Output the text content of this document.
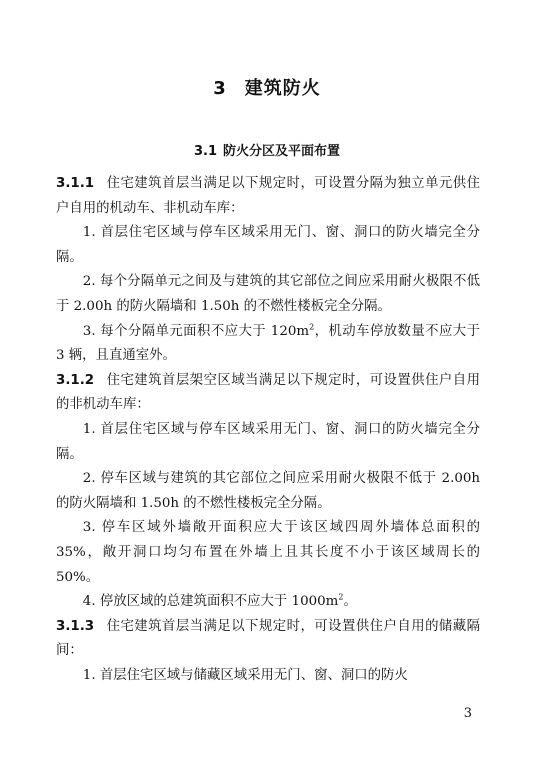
3 建筑防火
3.1 防火分区及平面布置

3.1.1 住宅建筑首层当满足以下规定时，可设置分隔为独立单元供住户自用的机动车、非机动车库：

1. 首层住宅区域与停车区域采用无门、窗、洞口的防火墙完全分隔。

2. 每个分隔单元之间及与建筑的其它部位之间应采用耐火极限不低于 2.00h 的防火隔墙和 1.50h 的不燃性楼板完全分隔。

3. 每个分隔单元面积不应大于 $120m^2$，机动车停放数量不应大于 3 辆，且直通室外。

3.1.2 住宅建筑首层架空区域当满足以下规定时，可设置供住户自用的非机动车库：

1. 首层住宅区域与停车区域采用无门、窗、洞口的防火墙完全分隔。

2. 停车区域与建筑的其它部位之间应采用耐火极限不低于 2.00h 的防火隔墙和 1.50h 的不燃性楼板完全分隔。

3. 停车区域外墙敞开面积应大于该区域四周外墙体总面积的 35%，敞开洞口均匀布置在外墙上且其长度不小于该区域周长的 50%。

4. 停放区域的总建筑面积不应大于 $1000m^2$。

3.1.3 住宅建筑首层当满足以下规定时，可设置供住户自用的储藏隔间：

1. 首层住宅区域与储藏区域采用无门、窗、洞口的防火

3
